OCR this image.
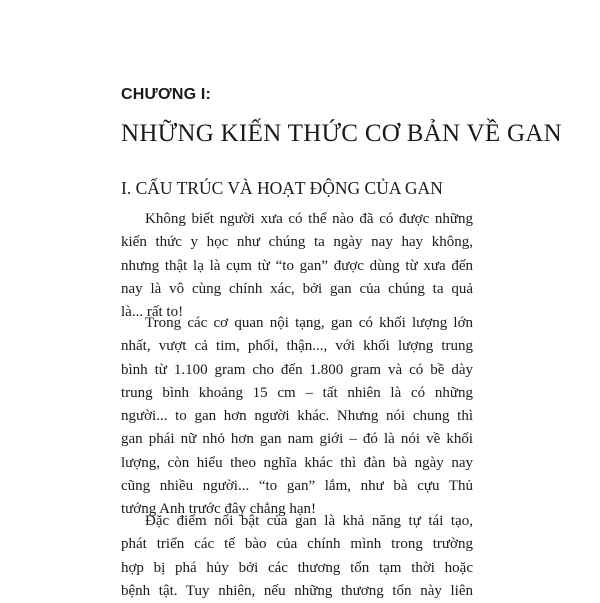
CHƯƠNG I:
NHỮNG KIẾN THỨC CƠ BẢN VỀ GAN
I. CẤU TRÚC VÀ HOẠT ĐỘNG CỦA GAN

Không biết người xưa có thể nào đã có được những
kiến thức y học như chúng ta ngày nay hay không,
nhưng thật lạ là cụm từ “to gan” được dùng từ xưa đến
nay là vô cùng chính xác, bởi gan của chúng ta quả
là... rất to!

Trong các cơ quan nội tạng, gan có khối lượng lớn
nhất, vượt cả tim, phổi, thận..., với khối lượng trung
bình từ 1.100 gram cho đến 1.800 gram và có bề dày
trung bình khoảng 15 cm – tất nhiên là có những
người... to gan hơn người khác. Nhưng nói chung thì
gan phái nữ nhỏ hơn gan nam giới – đó là nói về khối
lượng, còn hiểu theo nghĩa khác thì đàn bà ngày nay
cũng nhiều người... “to gan” lắm, như bà cựu Thủ
tướng Anh trước đây chẳng hạn!

Đặc điểm nổi bật của gan là khả năng tự tái tạo,
phát triển các tế bào của chính mình trong trường
hợp bị phá hủy bởi các thương tổn tạm thời hoặc
bệnh tật. Tuy nhiên, nếu những thương tổn này liên
